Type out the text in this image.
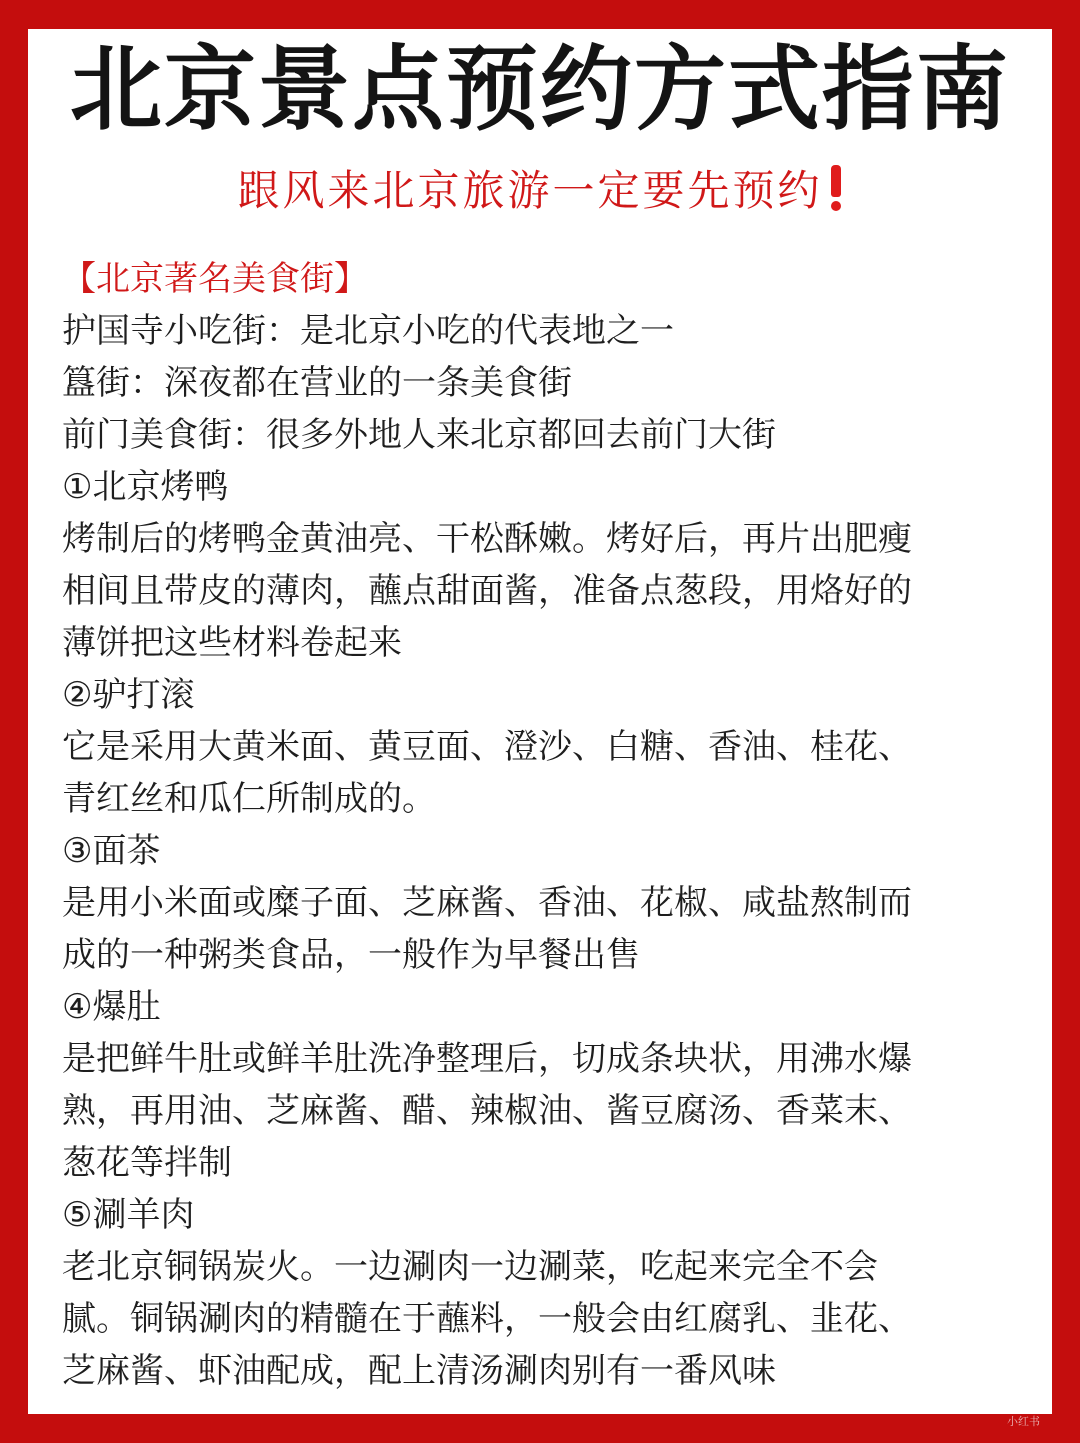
北京景点预约方式指南
跟风来北京旅游一定要先预约
【北京著名美食街】
护国寺小吃街：是北京小吃的代表地之一
簋街：深夜都在营业的一条美食街
前门美食街：很多外地人来北京都回去前门大街
①北京烤鸭
烤制后的烤鸭金黄油亮、干松酥嫩。烤好后，再片出肥瘦
相间且带皮的薄肉，蘸点甜面酱，准备点葱段，用烙好的
薄饼把这些材料卷起来
②驴打滚
它是采用大黄米面、黄豆面、澄沙、白糖、香油、桂花、
青红丝和瓜仁所制成的。
③面茶
是用小米面或糜子面、芝麻酱、香油、花椒、咸盐熬制而
成的一种粥类食品，一般作为早餐出售
④爆肚
是把鲜牛肚或鲜羊肚洗净整理后，切成条块状，用沸水爆
熟，再用油、芝麻酱、醋、辣椒油、酱豆腐汤、香菜末、
葱花等拌制
⑤涮羊肉
老北京铜锅炭火。一边涮肉一边涮菜，吃起来完全不会
腻。铜锅涮肉的精髓在于蘸料，一般会由红腐乳、韭花、
芝麻酱、虾油配成，配上清汤涮肉别有一番风味
小红书
